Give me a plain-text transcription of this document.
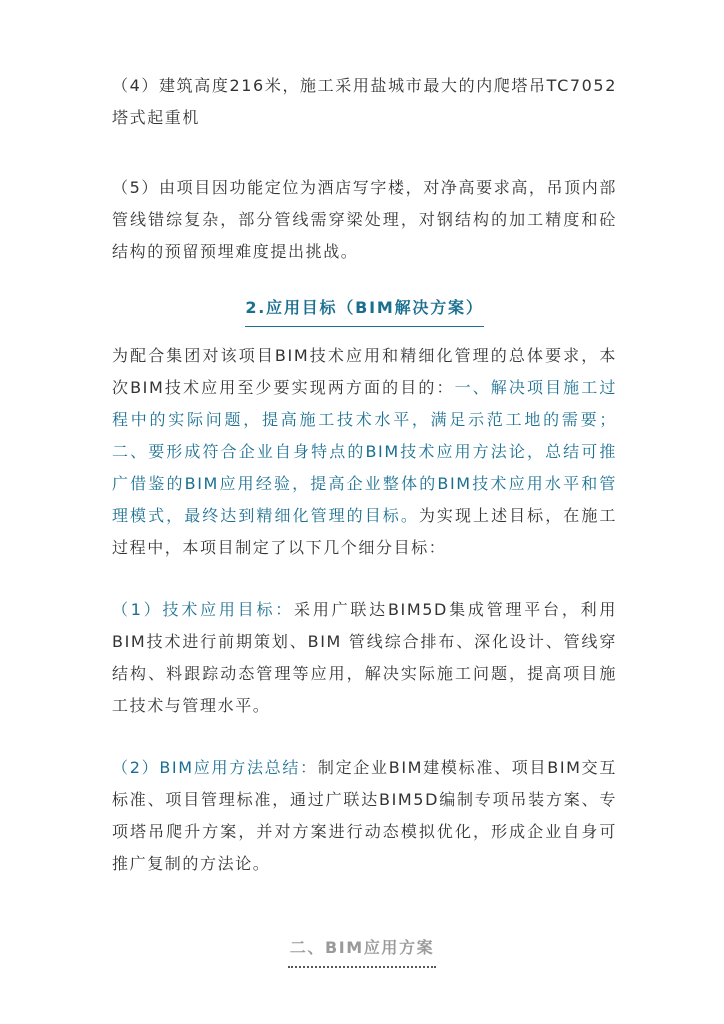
（4）建筑高度216米，施工采用盐城市最大的内爬塔吊TC7052塔式起重机

（5）由项目因功能定位为酒店写字楼，对净高要求高，吊顶内部管线错综复杂，部分管线需穿梁处理，对钢结构的加工精度和砼结构的预留预埋难度提出挑战。

2.应用目标（BIM解决方案）

为配合集团对该项目BIM技术应用和精细化管理的总体要求，本次BIM技术应用至少要实现两方面的目的：一、解决项目施工过程中的实际问题，提高施工技术水平，满足示范工地的需要；二、要形成符合企业自身特点的BIM技术应用方法论，总结可推广借鉴的BIM应用经验，提高企业整体的BIM技术应用水平和管理模式，最终达到精细化管理的目标。为实现上述目标，在施工过程中，本项目制定了以下几个细分目标：

（1）技术应用目标：采用广联达BIM5D集成管理平台，利用BIM技术进行前期策划、BIM 管线综合排布、深化设计、管线穿结构、料跟踪动态管理等应用，解决实际施工问题，提高项目施工技术与管理水平。

（2）BIM应用方法总结：制定企业BIM建模标准、项目BIM交互标准、项目管理标准，通过广联达BIM5D编制专项吊装方案、专项塔吊爬升方案，并对方案进行动态模拟优化，形成企业自身可推广复制的方法论。

二、BIM应用方案
